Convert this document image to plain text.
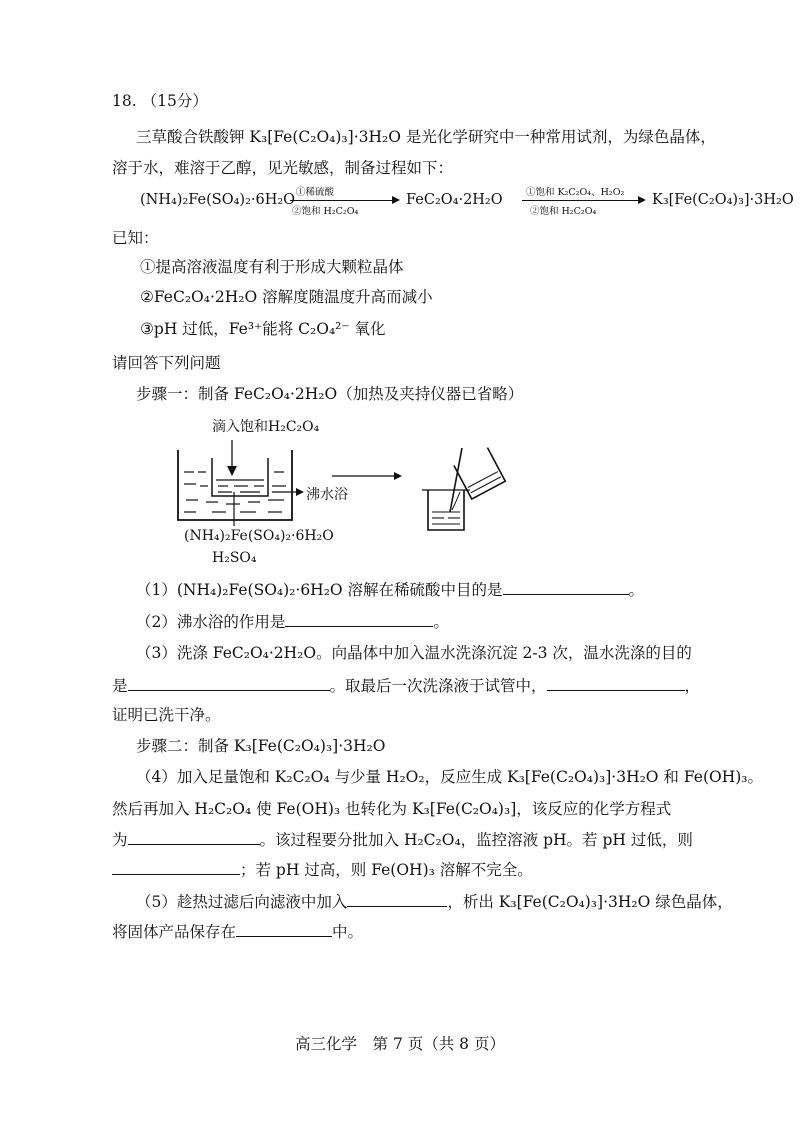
18. （15分）
三草酸合铁酸钾 K₃[Fe(C₂O₄)₃]·3H₂O 是光化学研究中一种常用试剂，为绿色晶体，
溶于水，难溶于乙醇，见光敏感，制备过程如下：
(NH₄)₂Fe(SO₄)₂·6H₂O ①稀硫酸
②饱和 H₂C₂O₄
FeC₂O₄·2H₂O ①饱和 K₂C₂O₄、H₂O₂
②饱和 H₂C₂O₄
K₃[Fe(C₂O₄)₃]·3H₂O
已知：
①提高溶液温度有利于形成大颗粒晶体
②FeC₂O₄·2H₂O 溶解度随温度升高而减小
③pH 过低，Fe³⁺能将 C₂O₄²⁻ 氧化
请回答下列问题
步骤一：制备 FeC₂O₄·2H₂O（加热及夹持仪器已省略）
滴入饱和H₂C₂O₄
沸水浴
(NH₄)₂Fe(SO₄)₂·6H₂O
H₂SO₄
（1）(NH₄)₂Fe(SO₄)₂·6H₂O 溶解在稀硫酸中目的是	。
（2）沸水浴的作用是	。
（3）洗涤 FeC₂O₄·2H₂O。向晶体中加入温水洗涤沉淀 2-3 次，温水洗涤的目的
是	。取最后一次洗涤液于试管中，	，
证明已洗干净。
步骤二：制备 K₃[Fe(C₂O₄)₃]·3H₂O
（4）加入足量饱和 K₂C₂O₄ 与少量 H₂O₂，反应生成 K₃[Fe(C₂O₄)₃]·3H₂O 和 Fe(OH)₃。
然后再加入 H₂C₂O₄ 使 Fe(OH)₃ 也转化为 K₃[Fe(C₂O₄)₃]，该反应的化学方程式
为	。该过程要分批加入 H₂C₂O₄，监控溶液 pH。若 pH 过低，则
；若 pH 过高，则 Fe(OH)₃ 溶解不完全。
（5）趁热过滤后向滤液中加入	，析出 K₃[Fe(C₂O₄)₃]·3H₂O 绿色晶体，
将固体产品保存在	中。
高三化学　第 7 页（共 8 页）
